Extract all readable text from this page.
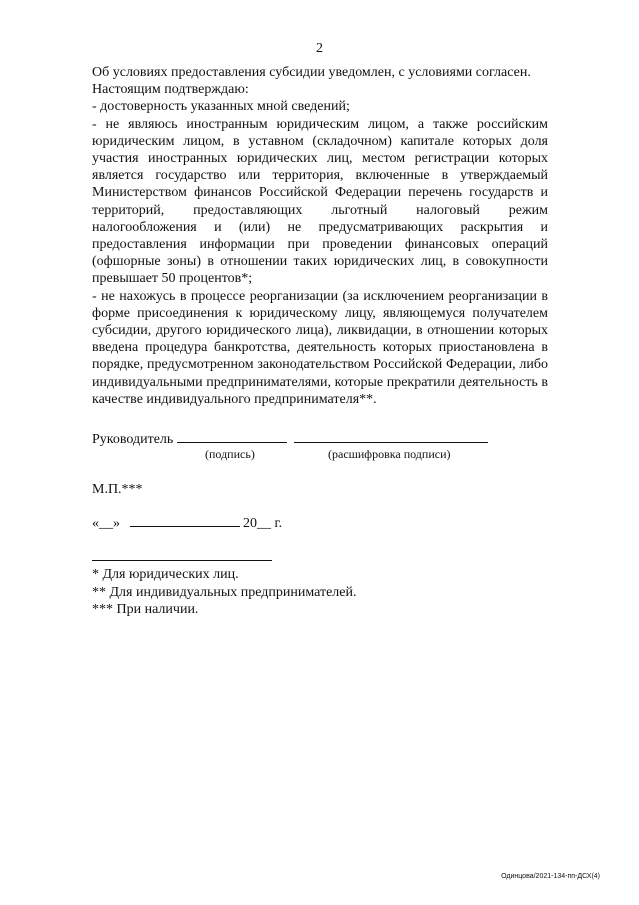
2

Об условиях предоставления субсидии уведомлен, с условиями согласен.

Настоящим подтверждаю:

- достоверность указанных мной сведений;

- не являюсь иностранным юридическим лицом, а также российским юридическим лицом, в уставном (складочном) капитале которых доля участия иностранных юридических лиц, местом регистрации которых является государство или территория, включенные в утверждаемый Министерством финансов Российской Федерации перечень государств и территорий, предоставляющих льготный налоговый режим налогообложения и (или) не предусматривающих раскрытия и предоставления информации при проведении финансовых операций (офшорные зоны) в отношении таких юридических лиц, в совокупности превышает 50 процентов*;

- не нахожусь в процессе реорганизации (за исключением реорганизации в форме присоединения к юридическому лицу, являющемуся получателем субсидии, другого юридического лица), ликвидации, в отношении которых введена процедура банкротства, деятельность которых приостановлена в порядке, предусмотренном законодательством Российской Федерации, либо индивидуальными предпринимателями, которые прекратили деятельность в качестве индивидуального предпринимателя**.

Руководитель
(подпись)	(расшифровка подписи)
М.П.***
«__»	20__ г.
* Для юридических лиц.
** Для индивидуальных предпринимателей.
*** При наличии.
Одинцова/2021-134-пп-ДСХ(4)
